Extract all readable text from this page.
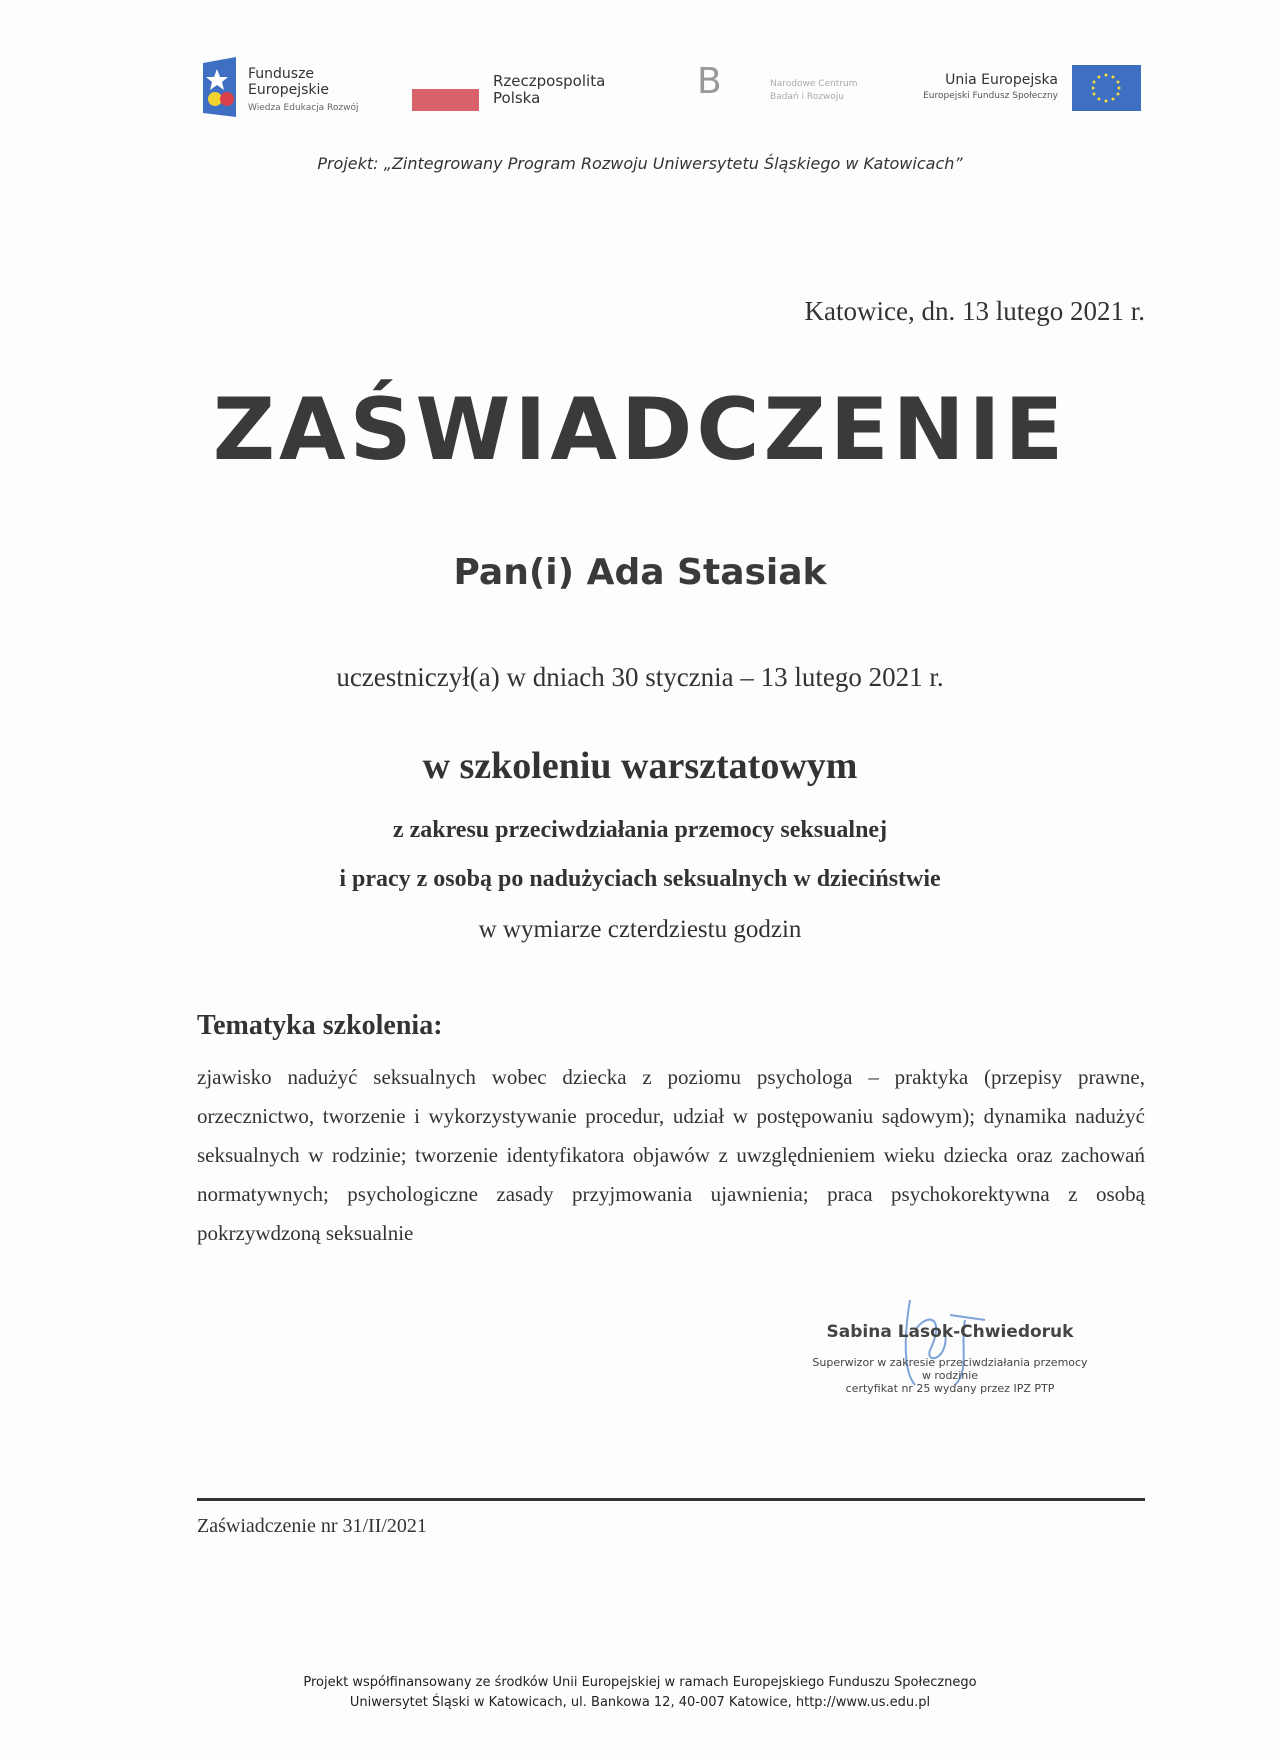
Fundusze
Europejskie
Wiedza Edukacja Rozwój
Rzeczpospolita
Polska	B	Narodowe Centrum
Badań i Rozwoju
Unia Europejska
Europejski Fundusz Społeczny
Projekt: „Zintegrowany Program Rozwoju Uniwersytetu Śląskiego w Katowicach”
Katowice, dn. 13 lutego 2021 r.
ZAŚWIADCZENIE
Pan(i) Ada Stasiak
uczestniczył(a) w dniach 30 stycznia – 13 lutego 2021 r.
w szkoleniu warsztatowym
z zakresu przeciwdziałania przemocy seksualnej
i pracy z osobą po nadużyciach seksualnych w dzieciństwie
w wymiarze czterdziestu godzin
Tematyka szkolenia:
zjawisko nadużyć seksualnych wobec dziecka z poziomu psychologa – praktyka (przepisy prawne, orzecznictwo, tworzenie i wykorzystywanie procedur, udział w postępowaniu sądowym); dynamika nadużyć seksualnych w rodzinie; tworzenie identyfikatora objawów z uwzględnieniem wieku dziecka oraz zachowań normatywnych; psychologiczne zasady przyjmowania ujawnienia; praca psychokorektywna z osobą pokrzywdzoną seksualnie
Sabina Lasok-Chwiedoruk
Superwizor w zakresie przeciwdziałania przemocy
w rodzinie
certyfikat nr 25 wydany przez IPZ PTP
Zaświadczenie nr 31/II/2021
Projekt współfinansowany ze środków Unii Europejskiej w ramach Europejskiego Funduszu Społecznego
Uniwersytet Śląski w Katowicach, ul. Bankowa 12, 40-007 Katowice, http://www.us.edu.pl
